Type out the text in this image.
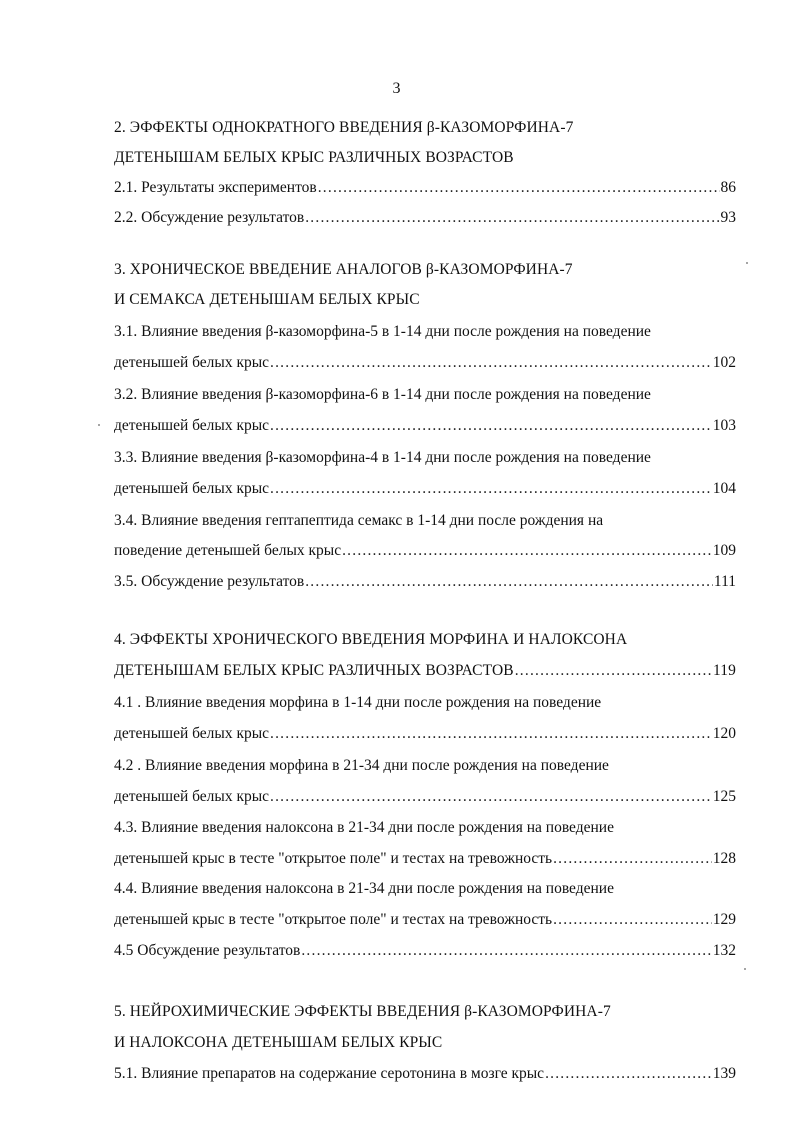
3
2. ЭФФЕКТЫ ОДНОКРАТНОГО ВВЕДЕНИЯ β-КАЗОМОРФИНА-7
ДЕТЕНЫШАМ БЕЛЫХ КРЫС РАЗЛИЧНЫХ ВОЗРАСТОВ
2.1. Результаты экспериментов .....	86
2.2. Обсуждение результатов .....	93
3. ХРОНИЧЕСКОЕ ВВЕДЕНИЕ АНАЛОГОВ β-КАЗОМОРФИНА-7
И СЕМАКСА ДЕТЕНЫШАМ БЕЛЫХ КРЫС
3.1. Влияние введения β-казоморфина-5 в 1-14 дни после рождения на поведение
детенышей белых крыс .....	102
3.2. Влияние введения β-казоморфина-6 в 1-14 дни после рождения на поведение
детенышей белых крыс .....	103
3.3. Влияние введения β-казоморфина-4 в 1-14 дни после рождения на поведение
детенышей белых крыс .....	104
3.4. Влияние введения гептапептида семакс в 1-14 дни после рождения на
поведение детенышей белых крыс .....	109
3.5. Обсуждение результатов .....	111
4. ЭФФЕКТЫ ХРОНИЧЕСКОГО ВВЕДЕНИЯ МОРФИНА И НАЛОКСОНА
ДЕТЕНЫШАМ БЕЛЫХ КРЫС РАЗЛИЧНЫХ ВОЗРАСТОВ .....	119
4.1 . Влияние введения морфина в 1-14 дни после рождения на поведение
детенышей белых крыс .....	120
4.2 . Влияние введения морфина в 21-34 дни после рождения на поведение
детенышей белых крыс .....	125
4.3. Влияние введения налоксона в 21-34 дни после рождения на поведение
детенышей крыс в тесте "открытое поле" и тестах на тревожность .....	128
4.4. Влияние введения налоксона в 21-34 дни после рождения на поведение
детенышей крыс в тесте "открытое поле" и тестах на тревожность .....	129
4.5 Обсуждение результатов .....	132
5. НЕЙРОХИМИЧЕСКИЕ ЭФФЕКТЫ ВВЕДЕНИЯ β-КАЗОМОРФИНА-7
И НАЛОКСОНА ДЕТЕНЫШАМ БЕЛЫХ КРЫС
5.1. Влияние препаратов на содержание серотонина в мозге крыс .....	139
